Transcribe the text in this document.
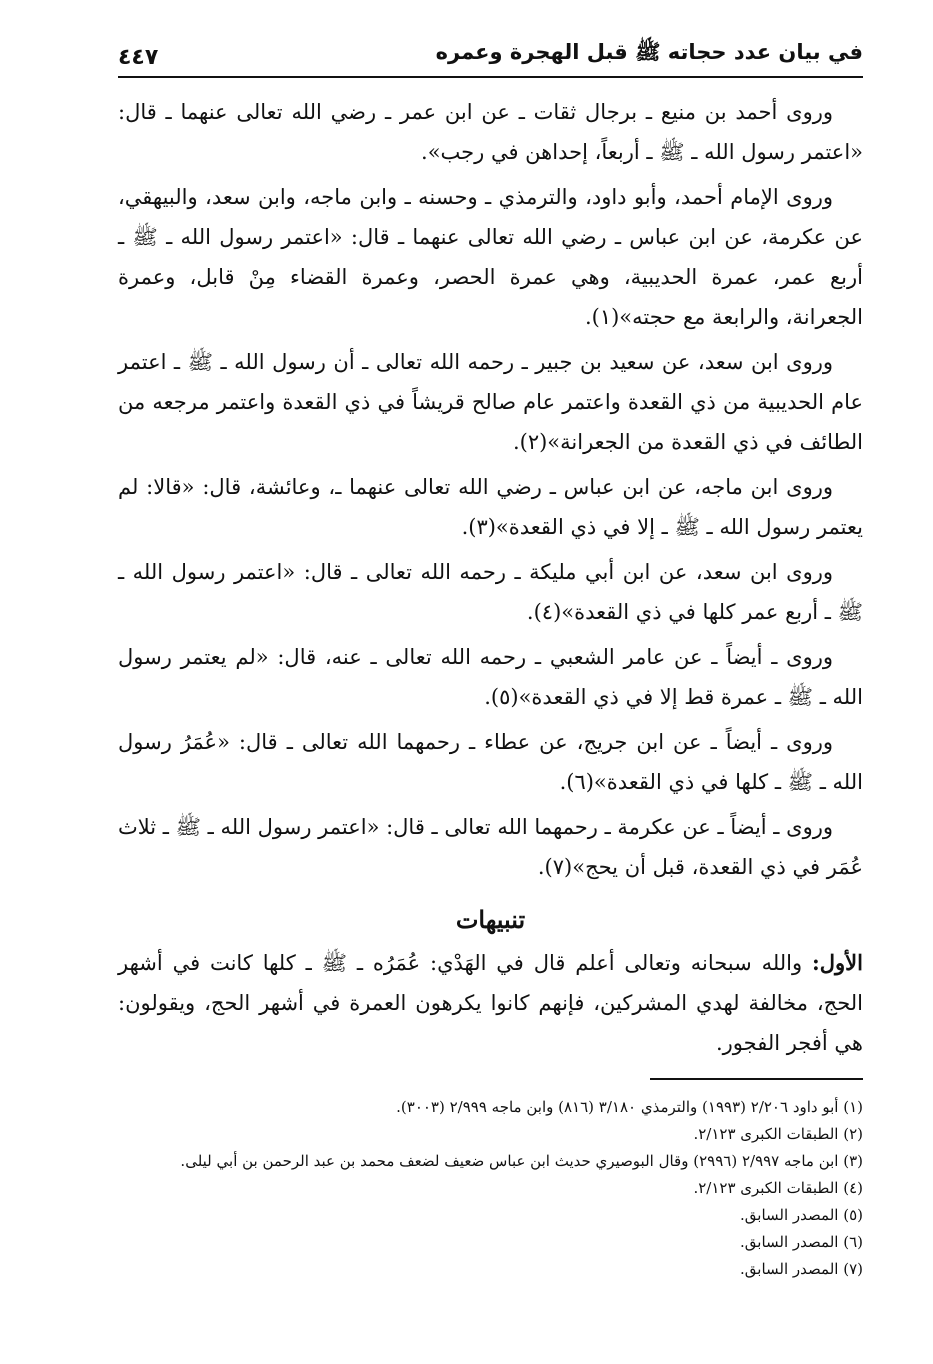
في بيان عدد حجاته ﷺ قبل الهجرة وعمره
٤٤٧

وروى أحمد بن منيع ـ برجال ثقات ـ عن ابن عمر ـ رضي الله تعالى عنهما ـ قال: «اعتمر رسول الله ـ ﷺ ـ أربعاً، إحداهن في رجب».

وروى الإمام أحمد، وأبو داود، والترمذي ـ وحسنه ـ وابن ماجه، وابن سعد، والبيهقي، عن عكرمة، عن ابن عباس ـ رضي الله تعالى عنهما ـ قال: «اعتمر رسول الله ـ ﷺ ـ أربع عمر، عمرة الحديبية، وهي عمرة الحصر، وعمرة القضاء مِنْ قابل، وعمرة الجعرانة، والرابعة مع حجته»(١).

وروى ابن سعد، عن سعيد بن جبير ـ رحمه الله تعالى ـ أن رسول الله ـ ﷺ ـ اعتمر عام الحديبية من ذي القعدة واعتمر عام صالح قريشاً في ذي القعدة واعتمر مرجعه من الطائف في ذي القعدة من الجعرانة»(٢).

وروى ابن ماجه، عن ابن عباس ـ رضي الله تعالى عنهما ـ، وعائشة، قال: «قالا: لم يعتمر رسول الله ـ ﷺ ـ إلا في ذي القعدة»(٣).

وروى ابن سعد، عن ابن أبي مليكة ـ رحمه الله تعالى ـ قال: «اعتمر رسول الله ـ ﷺ ـ أربع عمر كلها في ذي القعدة»(٤).

وروى ـ أيضاً ـ عن عامر الشعبي ـ رحمه الله تعالى ـ عنه، قال: «لم يعتمر رسول الله ـ ﷺ ـ عمرة قط إلا في ذي القعدة»(٥).

وروى ـ أيضاً ـ عن ابن جريج، عن عطاء ـ رحمهما الله تعالى ـ قال: «عُمَرُ رسول الله ـ ﷺ ـ كلها في ذي القعدة»(٦).

وروى ـ أيضاً ـ عن عكرمة ـ رحمهما الله تعالى ـ قال: «اعتمر رسول الله ـ ﷺ ـ ثلاث عُمَر في ذي القعدة، قبل أن يحج»(٧).

تنبيهات

الأول: والله سبحانه وتعالى أعلم قال في الهَدْي: عُمَرُه ـ ﷺ ـ كلها كانت في أشهر الحج، مخالفة لهدي المشركين، فإنهم كانوا يكرهون العمرة في أشهر الحج، ويقولون: هي أفجر الفجور.

(١) أبو داود ٢/٢٠٦ (١٩٩٣) والترمذي ٣/١٨٠ (٨١٦) وابن ماجه ٢/٩٩٩ (٣٠٠٣).
(٢) الطبقات الكبرى ٢/١٢٣.
(٣) ابن ماجه ٢/٩٩٧ (٢٩٩٦) وقال البوصيري حديث ابن عباس ضعيف لضعف محمد بن عبد الرحمن بن أبي ليلى.
(٤) الطبقات الكبرى ٢/١٢٣.
(٥) المصدر السابق.
(٦) المصدر السابق.
(٧) المصدر السابق.
